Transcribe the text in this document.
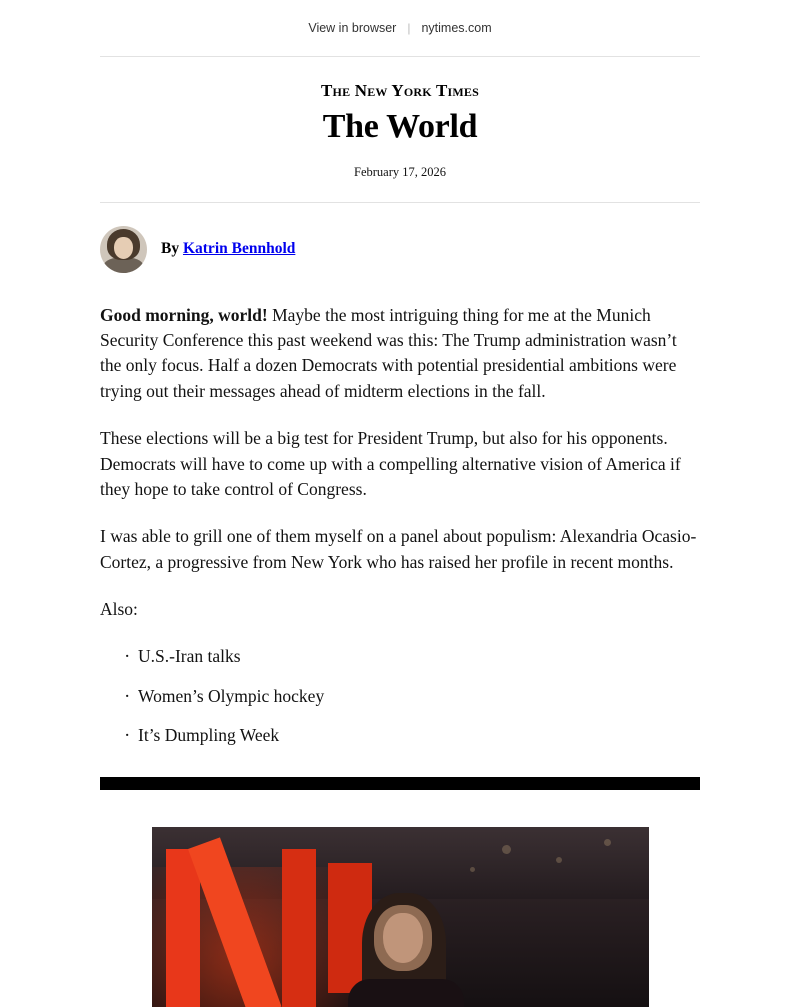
View in browser | nytimes.com
The New York Times
The World
February 17, 2026
By Katrin Bennhold

Good morning, world! Maybe the most intriguing thing for me at the Munich Security Conference this past weekend was this: The Trump administration wasn’t the only focus. Half a dozen Democrats with potential presidential ambitions were trying out their messages ahead of midterm elections in the fall.

These elections will be a big test for President Trump, but also for his opponents. Democrats will have to come up with a compelling alternative vision of America if they hope to take control of Congress.

I was able to grill one of them myself on a panel about populism: Alexandria Ocasio-Cortez, a progressive from New York who has raised her profile in recent months.

Also:

· U.S.-Iran talks
· Women’s Olympic hockey
· It’s Dumpling Week
